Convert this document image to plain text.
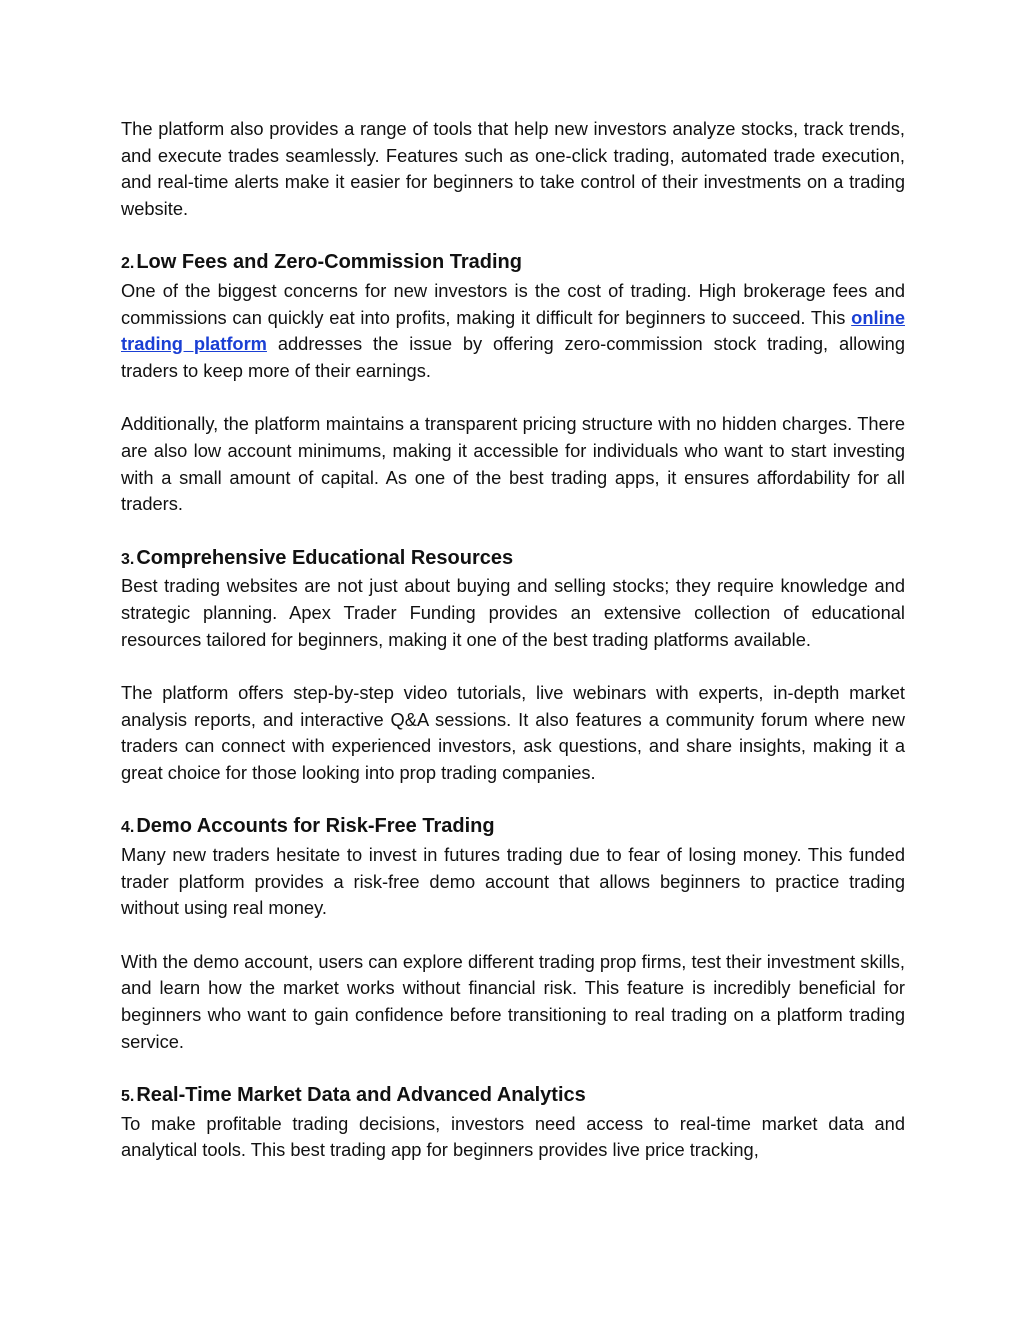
The platform also provides a range of tools that help new investors analyze stocks, track trends, and execute trades seamlessly. Features such as one-click trading, automated trade execution, and real-time alerts make it easier for beginners to take control of their investments on a trading website.

2. Low Fees and Zero-Commission Trading

One of the biggest concerns for new investors is the cost of trading. High brokerage fees and commissions can quickly eat into profits, making it difficult for beginners to succeed. This online trading platform addresses the issue by offering zero-commission stock trading, allowing traders to keep more of their earnings.

Additionally, the platform maintains a transparent pricing structure with no hidden charges. There are also low account minimums, making it accessible for individuals who want to start investing with a small amount of capital. As one of the best trading apps, it ensures affordability for all traders.

3. Comprehensive Educational Resources

Best trading websites are not just about buying and selling stocks; they require knowledge and strategic planning. Apex Trader Funding provides an extensive collection of educational resources tailored for beginners, making it one of the best trading platforms available.

The platform offers step-by-step video tutorials, live webinars with experts, in-depth market analysis reports, and interactive Q&A sessions. It also features a community forum where new traders can connect with experienced investors, ask questions, and share insights, making it a great choice for those looking into prop trading companies.

4. Demo Accounts for Risk-Free Trading

Many new traders hesitate to invest in futures trading due to fear of losing money. This funded trader platform provides a risk-free demo account that allows beginners to practice trading without using real money.

With the demo account, users can explore different trading prop firms, test their investment skills, and learn how the market works without financial risk. This feature is incredibly beneficial for beginners who want to gain confidence before transitioning to real trading on a platform trading service.

5. Real-Time Market Data and Advanced Analytics

To make profitable trading decisions, investors need access to real-time market data and analytical tools. This best trading app for beginners provides live price tracking,
